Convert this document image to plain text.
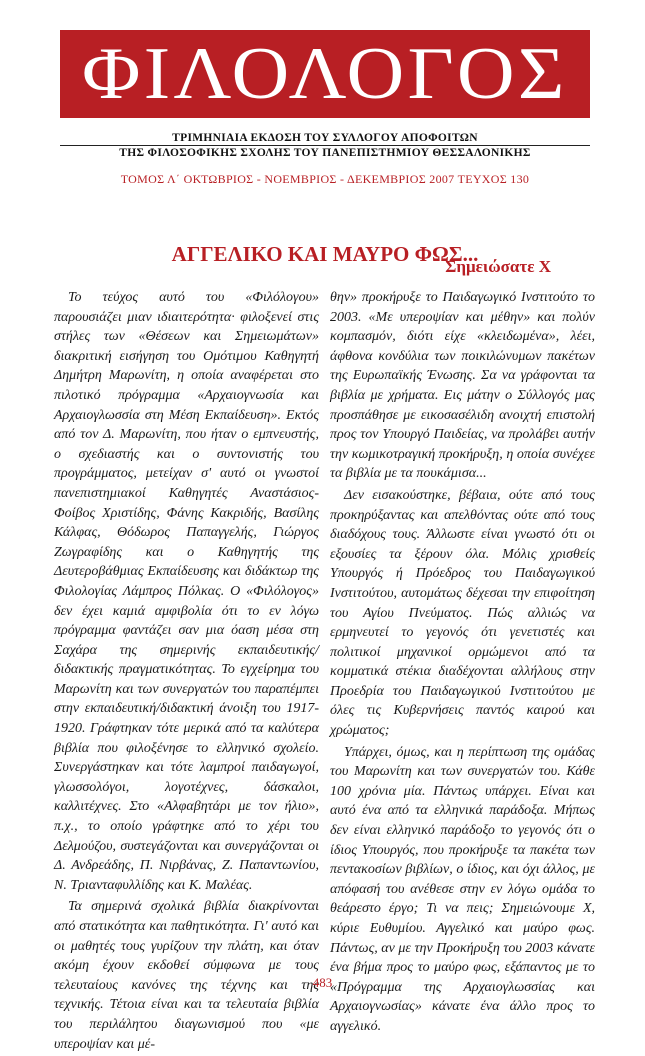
ΦΙΛΟΛΟΓΟΣ
ΤΡΙΜΗΝΙΑΙΑ ΕΚΔΟΣΗ ΤΟΥ ΣΥΛΛΟΓΟΥ ΑΠΟΦΟΙΤΩΝ
ΤΗΣ ΦΙΛΟΣΟΦΙΚΗΣ ΣΧΟΛΗΣ ΤΟΥ ΠΑΝΕΠΙΣΤΗΜΙΟΥ ΘΕΣΣΑΛΟΝΙΚΗΣ
ΤΟΜΟΣ Λ΄ ΟΚΤΩΒΡΙΟΣ - ΝΟΕΜΒΡΙΟΣ - ΔΕΚΕΜΒΡΙΟΣ 2007 ΤΕΥΧΟΣ 130
ΑΓΓΕΛΙΚΟ ΚΑΙ ΜΑΥΡΟ ΦΩΣ...
Σημειώσατε Χ

Το τεύχος αυτό του «Φιλόλογου» παρουσιάζει μιαν ιδιαιτερότητα· φιλοξενεί στις στήλες των «Θέσεων και Σημειωμάτων» διακριτική εισήγηση του Ομότιμου Καθηγητή Δημήτρη Μαρωνίτη, η οποία αναφέρεται στο πιλοτικό πρόγραμμα «Αρχαιογνωσία και Αρχαιογλωσσία στη Μέση Εκπαίδευση». Εκτός από τον Δ. Μαρωνίτη, που ήταν ο εμπνευστής, ο σχεδιαστής και ο συντονιστής του προγράμματος, μετείχαν σ' αυτό οι γνωστοί πανεπιστημιακοί Καθηγητές Αναστάσιος-Φοίβος Χριστίδης, Φάνης Κακριδής, Βασίλης Κάλφας, Θόδωρος Παπαγγελής, Γιώργος Ζωγραφίδης και ο Καθηγητής της Δευτεροβάθμιας Εκπαίδευσης και διδάκτωρ της Φιλολογίας Λάμπρος Πόλκας. Ο «Φιλόλογος» δεν έχει καμιά αμφιβολία ότι το εν λόγω πρόγραμμα φαντάζει σαν μια όαση μέσα στη Σαχάρα της σημερινής εκπαιδευτικής/διδακτικής πραγματικότητας. Το εγχείρημα του Μαρωνίτη και των συνεργατών του παραπέμπει στην εκπαιδευτική/διδακτική άνοιξη του 1917-1920. Γράφτηκαν τότε μερικά από τα καλύτερα βιβλία που φιλοξένησε το ελληνικό σχολείο. Συνεργάστηκαν και τότε λαμπροί παιδαγωγοί, γλωσσολόγοι, λογοτέχνες, δάσκαλοι, καλλιτέχνες. Στο «Αλφαβητάρι με τον ήλιο», π.χ., το οποίο γράφτηκε από το χέρι του Δελμούζου, συστεγάζονται και συνεργάζονται οι Δ. Ανδρεάδης, Π. Νιρβάνας, Ζ. Παπαντωνίου, Ν. Τριανταφυλλίδης και Κ. Μαλέας.

Τα σημερινά σχολικά βιβλία διακρίνονται από στατικότητα και παθητικότητα. Γι' αυτό και οι μαθητές τους γυρίζουν την πλάτη, και όταν ακόμη έχουν εκδοθεί σύμφωνα με τους τελευταίους κανόνες της τέχνης και της τεχνικής. Τέτοια είναι και τα τελευταία βιβλία του περιλάλητου διαγωνισμού που «με υπεροψίαν και μέ-

θην» προκήρυξε το Παιδαγωγικό Ινστιτούτο το 2003. «Με υπεροψίαν και μέθην» και πολύν κομπασμόν, διότι είχε «κλειδωμένα», λέει, άφθονα κονδύλια των ποικιλώνυμων πακέτων της Ευρωπαϊκής Ένωσης. Σα να γράφονται τα βιβλία με χρήματα. Εις μάτην ο Σύλλογός μας προσπάθησε με εικοσασέλιδη ανοιχτή επιστολή προς τον Υπουργό Παιδείας, να προλάβει αυτήν την κωμικοτραγική προκήρυξη, η οποία συνέχεε τα βιβλία με τα πουκάμισα...

Δεν εισακούστηκε, βέβαια, ούτε από τους προκηρύξαντας και απελθόντας ούτε από τους διαδόχους τους. Άλλωστε είναι γνωστό ότι οι εξουσίες τα ξέρουν όλα. Μόλις χρισθείς Υπουργός ή Πρόεδρος του Παιδαγωγικού Ινστιτούτου, αυτομάτως δέχεσαι την επιφοίτηση του Αγίου Πνεύματος. Πώς αλλιώς να ερμηνευτεί το γεγονός ότι γενετιστές και πολιτικοί μηχανικοί ορμώμενοι από τα κομματικά στέκια διαδέχονται αλλήλους στην Προεδρία του Παιδαγωγικού Ινστιτούτου με όλες τις Κυβερνήσεις παντός καιρού και χρώματος;

Υπάρχει, όμως, και η περίπτωση της ομάδας του Μαρωνίτη και των συνεργατών του. Κάθε 100 χρόνια μία. Πάντως υπάρχει. Είναι και αυτό ένα από τα ελληνικά παράδοξα. Μήπως δεν είναι ελληνικό παράδοξο το γεγονός ότι ο ίδιος Υπουργός, που προκήρυξε τα πακέτα των πεντακοσίων βιβλίων, ο ίδιος, και όχι άλλος, με απόφασή του ανέθεσε στην εν λόγω ομάδα το θεάρεστο έργο; Τι να πεις; Σημειώνουμε Χ, κύριε Ευθυμίου. Αγγελικό και μαύρο φως. Πάντως, αν με την Προκήρυξη του 2003 κάνατε ένα βήμα προς το μαύρο φως, εξάπαντος με το «Πρόγραμμα της Αρχαιογλωσσίας και Αρχαιογνωσίας» κάνατε ένα άλλο προς το αγγελικό.

483
